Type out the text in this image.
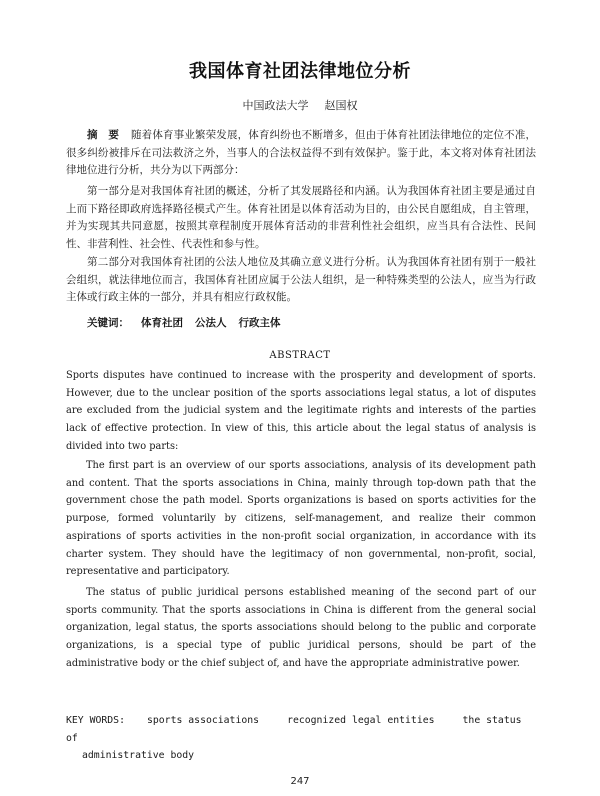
我国体育社团法律地位分析
中国政法大学 赵国权

摘　要 随着体育事业繁荣发展，体育纠纷也不断增多，但由于体育社团法律地位的定位不准，很多纠纷被排斥在司法救济之外，当事人的合法权益得不到有效保护。鉴于此，本文将对体育社团法律地位进行分析，共分为以下两部分：

第一部分是对我国体育社团的概述，分析了其发展路径和内涵。认为我国体育社团主要是通过自上而下路径即政府选择路径模式产生。体育社团是以体育活动为目的，由公民自愿组成，自主管理，并为实现其共同意愿，按照其章程制度开展体育活动的非营利性社会组织，应当具有合法性、民间性、非营利性、社会性、代表性和参与性。

第二部分对我国体育社团的公法人地位及其确立意义进行分析。认为我国体育社团有别于一般社会组织，就法律地位而言，我国体育社团应属于公法人组织，是一种特殊类型的公法人，应当为行政主体或行政主体的一部分，并具有相应行政权能。

关键词： 体育社团 公法人 行政主体
ABSTRACT

Sports disputes have continued to increase with the prosperity and development of sports. However, due to the unclear position of the sports associations legal status, a lot of disputes are excluded from the judicial system and the legitimate rights and interests of the parties lack of effective protection. In view of this, this article about the legal status of analysis is divided into two parts:

The first part is an overview of our sports associations, analysis of its development path and content. That the sports associations in China, mainly through top-down path that the government chose the path model. Sports organizations is based on sports activities for the purpose, formed voluntarily by citizens, self-management, and realize their common aspirations of sports activities in the non-profit social organization, in accordance with its charter system. They should have the legitimacy of non governmental, non-profit, social, representative and participatory.

The status of public juridical persons established meaning of the second part of our sports community. That the sports associations in China is different from the general social organization, legal status, the sports associations should belong to the public and corporate organizations, is a special type of public juridical persons, should be part of the administrative body or the chief subject of, and have the appropriate administrative power.

KEY WORDS: sports associations	recognized legal entities	the status of
administrative body
247
